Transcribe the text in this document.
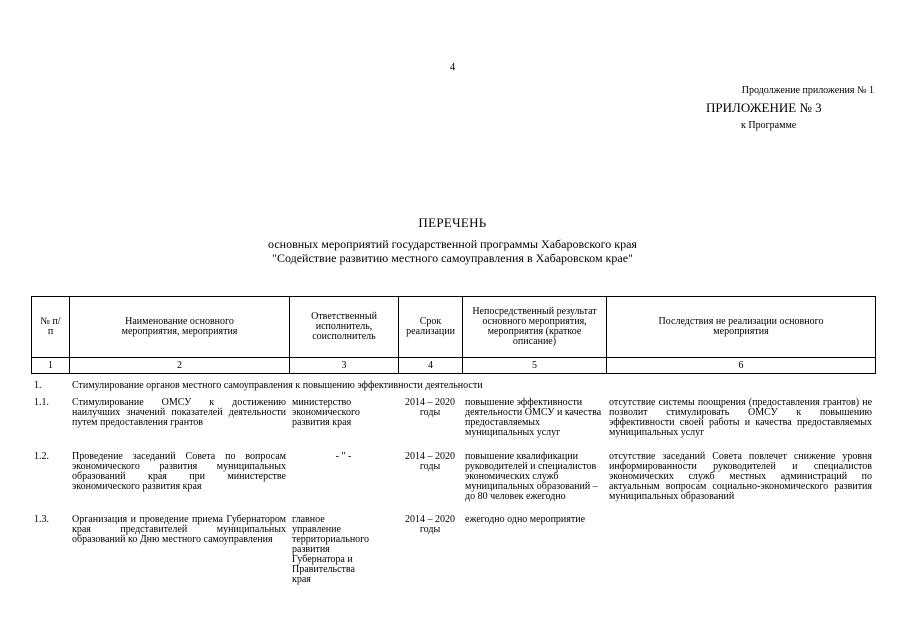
4
Продолжение приложения № 1
ПРИЛОЖЕНИЕ № 3
к Программе
ПЕРЕЧЕНЬ
основных мероприятий государственной программы Хабаровского края
"Содействие развитию местного самоуправления в Хабаровском крае"
№ п/п	Наименование основного мероприятия, мероприятия	Ответственный исполнитель, соисполнитель	Срок реализации	Непосредственный результат основного мероприятия, мероприятия (краткое описание)	Последствия не реализации основного мероприятия
1	2	3	4	5	6
1.	Стимулирование органов местного самоуправления к повышению эффективности деятельности				
1.1.	Стимулирование ОМСУ к достижению наилучших значений показателей деятельности путем предоставления грантов	министерство экономического развития края	2014 – 2020 годы	повышение эффективности деятельности ОМСУ и качества предоставляемых муниципальных услуг	отсутствие системы поощрения (предоставления грантов) не позволит стимулировать ОМСУ к повышению эффективности своей работы и качества предоставляемых муниципальных услуг
1.2.	Проведение заседаний Совета по вопросам экономического развития муниципальных образований края при министерстве экономического развития края	- " -	2014 – 2020 годы	повышение квалификации руководителей и специалистов экономических служб муниципальных образований – до 80 человек ежегодно	отсутствие заседаний Совета повлечет снижение уровня информированности руководителей и специалистов экономических служб местных администраций по актуальным вопросам социально-экономического развития муниципальных образований
1.3.	Организация и проведение приема Губернатором края представителей муниципальных образований ко Дню местного самоуправления	главное управление территориального развития Губернатора и Правительства края	2014 – 2020 годы	ежегодно одно мероприятие	
